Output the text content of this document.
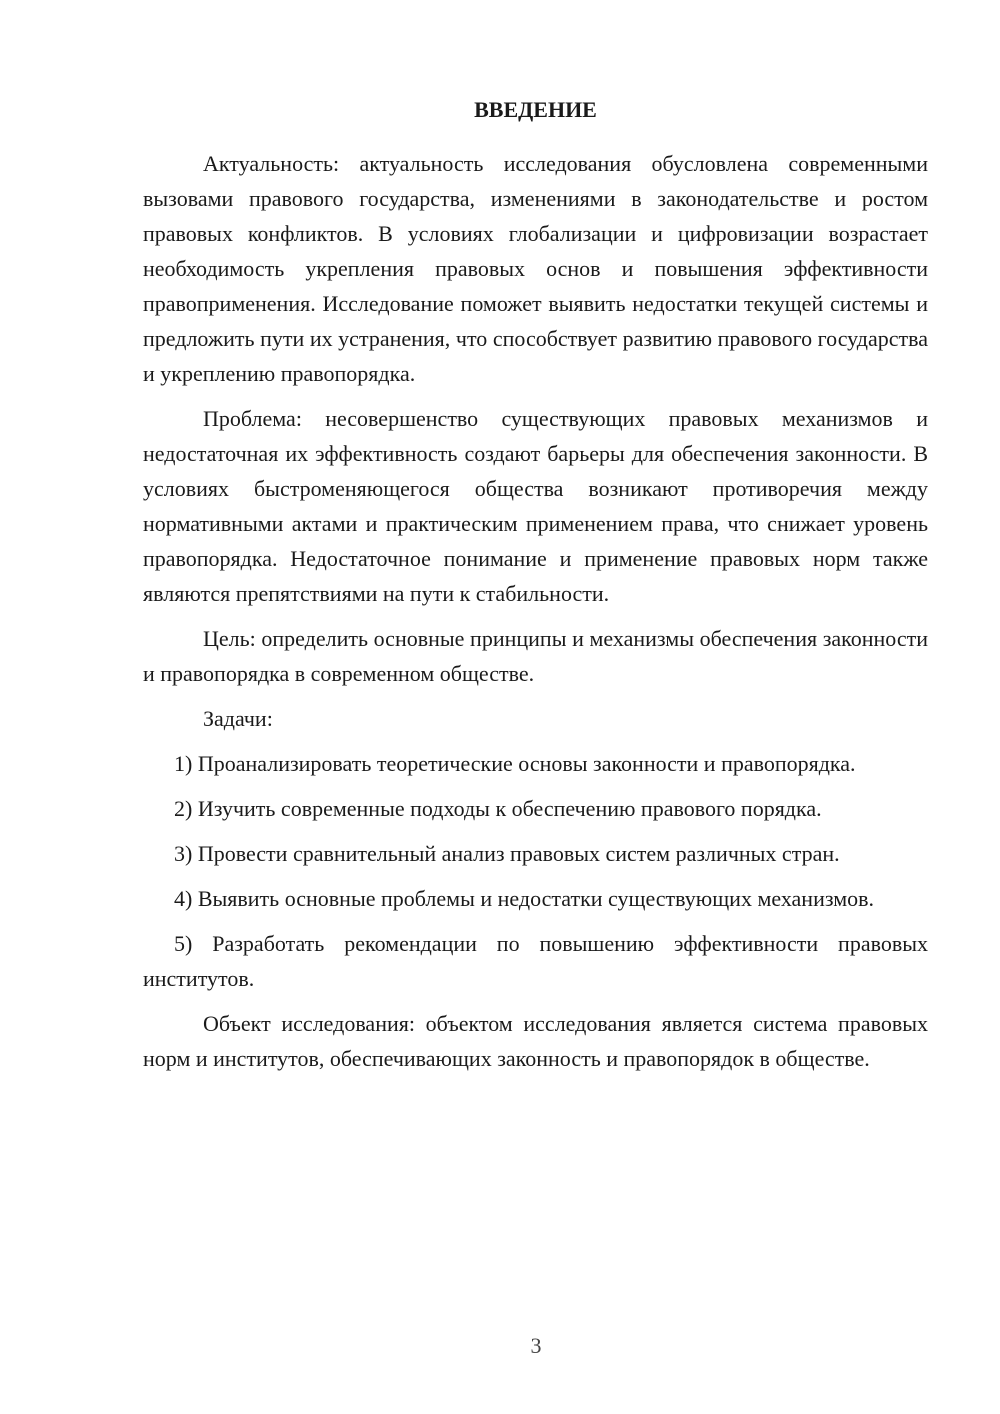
ВВЕДЕНИЕ

Актуальность: актуальность исследования обусловлена современными вызовами правового государства, изменениями в законодательстве и ростом правовых конфликтов. В условиях глобализации и цифровизации возрастает необходимость укрепления правовых основ и повышения эффективности правоприменения. Исследование поможет выявить недостатки текущей системы и предложить пути их устранения, что способствует развитию правового государства и укреплению правопорядка.

Проблема: несовершенство существующих правовых механизмов и недостаточная их эффективность создают барьеры для обеспечения законности. В условиях быстроменяющегося общества возникают противоречия между нормативными актами и практическим применением права, что снижает уровень правопорядка. Недостаточное понимание и применение правовых норм также являются препятствиями на пути к стабильности.

Цель: определить основные принципы и механизмы обеспечения законности и правопорядка в современном обществе.

Задачи:

1) Проанализировать теоретические основы законности и правопорядка.

2) Изучить современные подходы к обеспечению правового порядка.

3) Провести сравнительный анализ правовых систем различных стран.

4) Выявить основные проблемы и недостатки существующих механизмов.

5) Разработать рекомендации по повышению эффективности правовых институтов.

Объект исследования: объектом исследования является система правовых норм и институтов, обеспечивающих законность и правопорядок в обществе.

3
